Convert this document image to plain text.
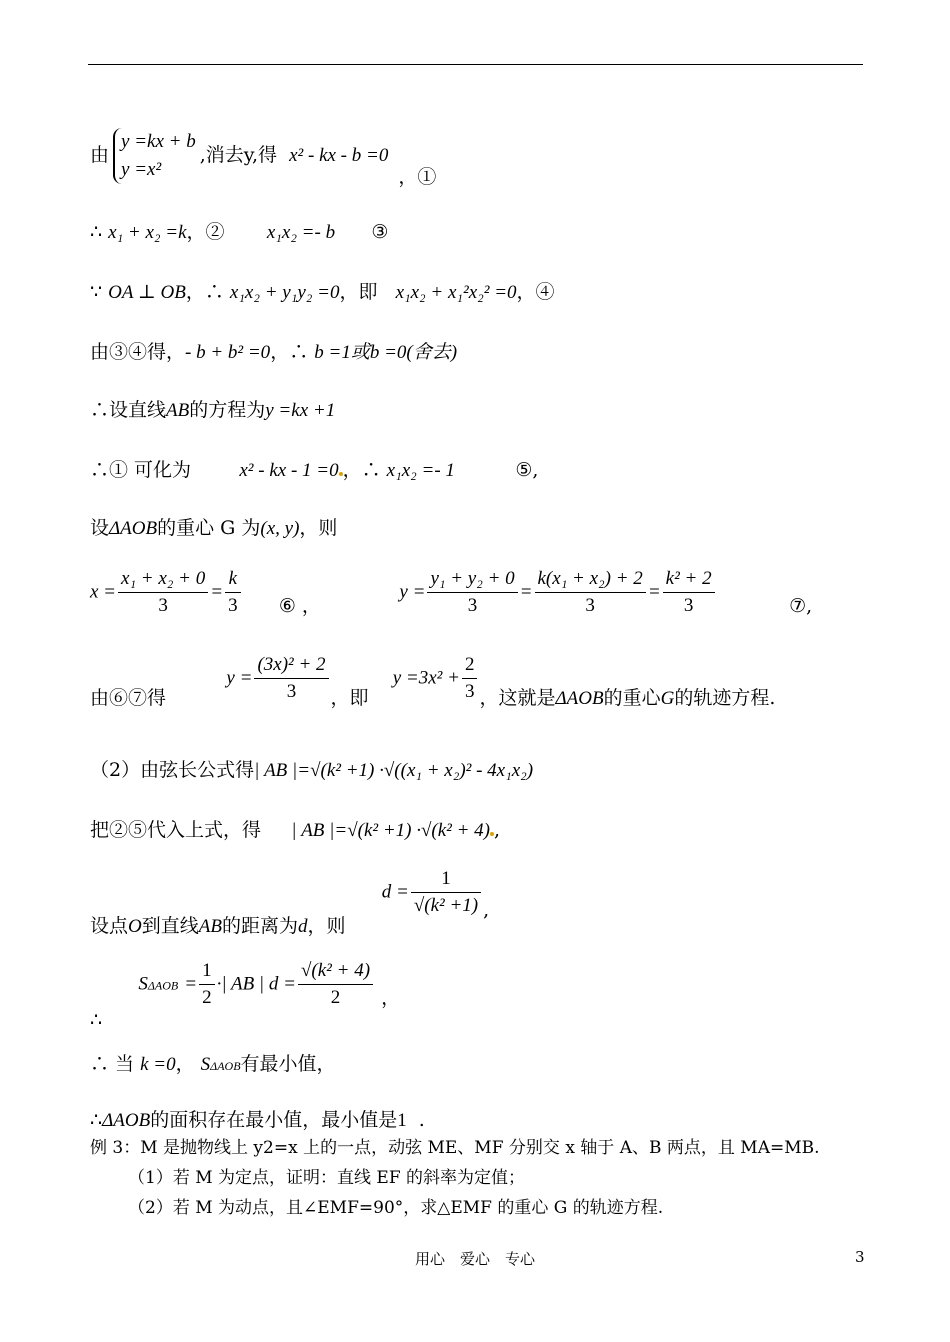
由
y =kx + b
y =x²
,消去y,得 x² - kx - b =0，①
∴ x₁ + x₂ =k，② x₁x₂ =- b ③
∵ OA ⊥ OB，∴ x₁x₂ + y₁y₂ =0，即 x₁x₂ + x₁²x₂² =0，④
由③④得，- b + b² =0，∴ b =1或b =0(舍去)
∴设直线AB的方程为y =kx +1
∴① 可化为	x² - kx - 1 =0 ，∴ x₁x₂ =- 1	⑤,
设ΔAOB的重心 G 为(x, y)，则
$x = \frac{\text{x₁ + x₂ + 0}}{3} = \frac{k}{3}$ ⑥ ，             $y = \frac{\text{y₁ + y₂ + 0}}{3} = \frac{\text{k(x₁ + x₂) + 2}}{3} = \frac{\text{k² + 2}}{3}$	⑦,
由⑥⑦得          $y = \frac{\text{(3x)² + 2}}{3}$ ，即    $y =3x^2 + \frac{2}{3}$ ，这就是ΔAOB的重心G的轨迹方程.
（2）由弦长公式得| AB |=√(k² +1) ·√((x₁ + x₂)² - 4x₁x₂)
把②⑤代入上式，得 | AB |=√(k² +1) ·√(k² + 4) ,
设点O到直线AB的距离为d，则      $d = \frac{1}{\text{√(k² +1)}}$ ,
∴      $S\Delta AOB = \frac{1}{2}$ ·| AB | $d = \frac{\text{√(k² + 4)}}{2}$ ，
∴ 当 k =0， SΔAOB有最小值，
∴ΔAOB的面积存在最小值，最小值是1 .
例 3：M 是抛物线上 y2=x 上的一点，动弦 ME、MF 分别交 x 轴于 A、B 两点，且 MA=MB.
（1）若 M 为定点，证明：直线 EF 的斜率为定值；
（2）若 M 为动点，且∠EMF=90°，求△EMF 的重心 G 的轨迹方程.
用心　爱心　专心	3
